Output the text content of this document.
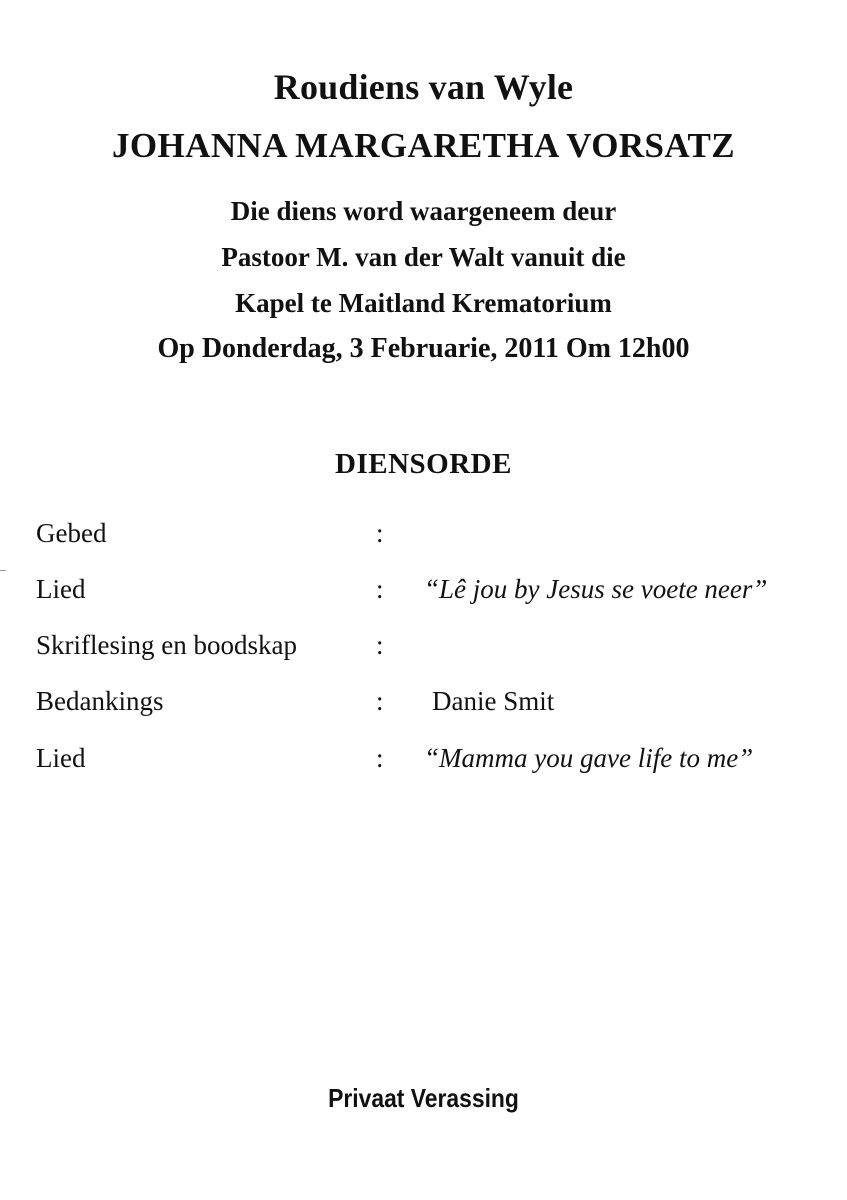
Roudiens van Wyle
JOHANNA MARGARETHA VORSATZ
Die diens word waargeneem deur
Pastoor M. van der Walt vanuit die
Kapel te Maitland Krematorium
Op Donderdag, 3 Februarie, 2011 Om 12h00
DIENSORDE
Gebed	:
Lied	: “Lê jou by Jesus se voete neer”
Skriflesing en boodskap	:
Bedankings	: Danie Smit
Lied	: “Mamma you gave life to me”
Privaat Verassing
